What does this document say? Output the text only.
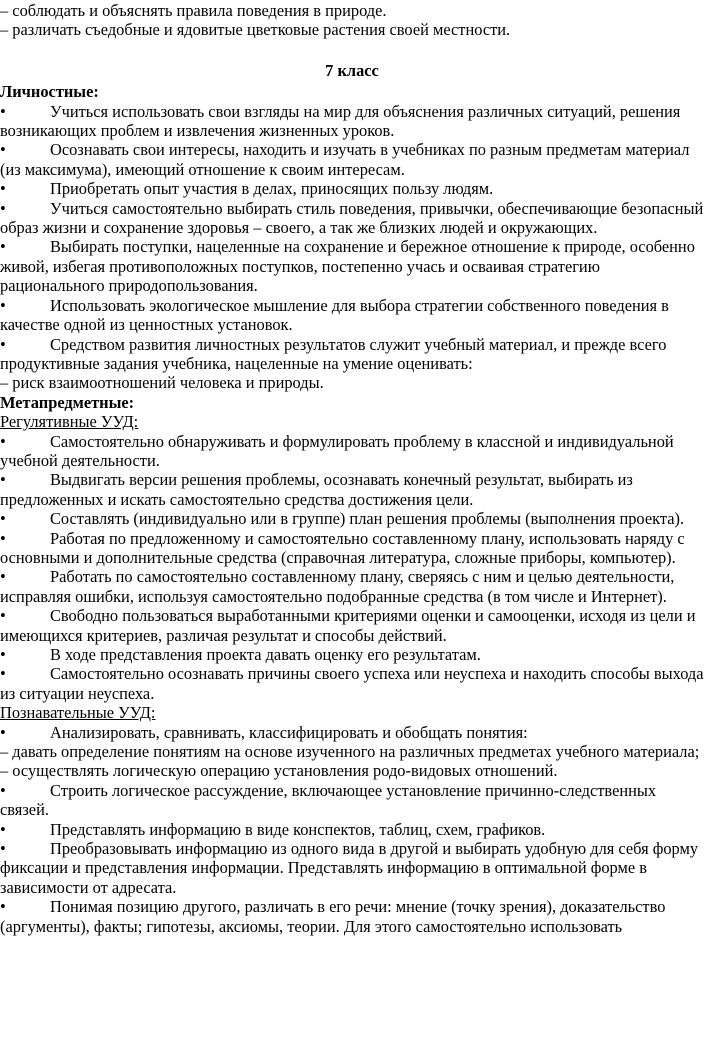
– соблюдать и объяснять правила поведения в природе.
– различать съедобные и ядовитые цветковые растения своей местности.
7 класс
Личностные:
•	Учиться использовать свои взгляды на мир для объяснения различных ситуаций, решения возникающих проблем и извлечения жизненных уроков.
•	Осознавать свои интересы, находить и изучать в учебниках по разным предметам материал (из максимума), имеющий отношение к своим интересам.
•	Приобретать опыт участия в делах, приносящих пользу людям.
•	Учиться самостоятельно выбирать стиль поведения, привычки, обеспечивающие безопасный образ жизни и сохранение здоровья – своего, а так же близких людей и окружающих.
•	Выбирать поступки, нацеленные на сохранение и бережное отношение к природе, особенно живой, избегая противоположных поступков, постепенно учась и осваивая стратегию рационального природопользования.
•	Использовать экологическое мышление для выбора стратегии собственного поведения в качестве одной из ценностных установок.
•	Средством развития личностных результатов служит учебный материал, и прежде всего продуктивные задания учебника, нацеленные на умение оценивать:
– риск взаимоотношений человека и природы.
Метапредметные:
Регулятивные УУД:
•	Самостоятельно обнаруживать и формулировать проблему в классной и индивидуальной учебной деятельности.
•	Выдвигать версии решения проблемы, осознавать конечный результат, выбирать из предложенных и искать самостоятельно средства достижения цели.
•	Составлять (индивидуально или в группе) план решения проблемы (выполнения проекта).
•	Работая по предложенному и самостоятельно составленному плану, использовать наряду с основными и дополнительные средства (справочная литература, сложные приборы, компьютер).
•	Работать по самостоятельно составленному плану, сверяясь с ним и целью деятельности, исправляя ошибки, используя самостоятельно подобранные средства (в том числе и Интернет).
•	Свободно пользоваться выработанными критериями оценки и самооценки, исходя из цели и имеющихся критериев, различая результат и способы действий.
•	В ходе представления проекта давать оценку его результатам.
•	Самостоятельно осознавать причины своего успеха или неуспеха и находить способы выхода из ситуации неуспеха.
Познавательные УУД:
•	Анализировать, сравнивать, классифицировать и обобщать понятия:
– давать определение понятиям на основе изученного на различных предметах учебного материала;
– осуществлять логическую операцию установления родо-видовых отношений.
•	Строить логическое рассуждение, включающее установление причинно-следственных связей.
•	Представлять информацию в виде конспектов, таблиц, схем, графиков.
•	Преобразовывать информацию из одного вида в другой и выбирать удобную для себя форму фиксации и представления информации. Представлять информацию в оптимальной форме в зависимости от адресата.
•	Понимая позицию другого, различать в его речи: мнение (точку зрения), доказательство (аргументы), факты; гипотезы, аксиомы, теории. Для этого самостоятельно использовать
